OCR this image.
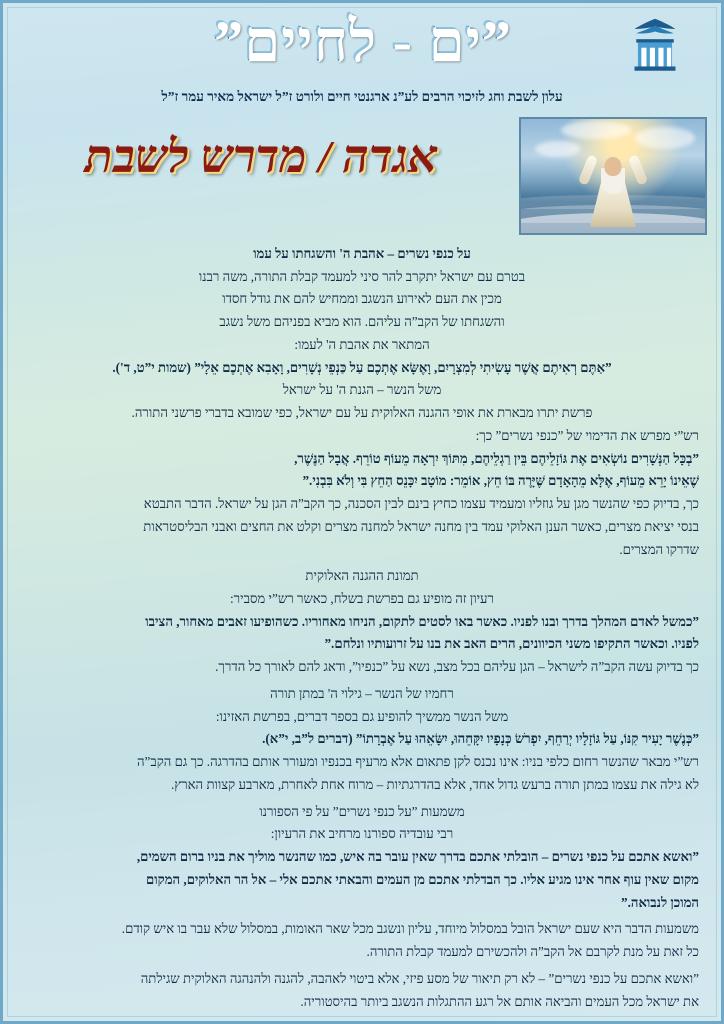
”ים - לחיים”
עלון לשבת וחג לזיכוי הרבים לע”נ ארגנטי חיים ולורט ז”ל ישראל מאיר עמר ז”ל
אגדה / מדרש לשבת

על כנפי נשרים – אהבת ה' והשגחתו על עמו

בטרם עם ישראל יתקרב להר סיני למעמד קבלת התורה, משה רבנו

מכין את העם לאירוע הנשגב וממחיש להם את גודל חסדו

והשגחתו של הקב”ה עליהם. הוא מביא בפניהם משל נשגב

המתאר את אהבת ה' לעמו:

”אַתֶּם רְאִיתֶם אֲשֶׁר עָשִׂיתִי לְמִצְרָיִם, וָאֶשָּׂא אֶתְכֶם עַל כַּנְפֵי נְשָׁרִים, וָאָבִא אֶתְכֶם אֵלָי” (שמות י”ט, ד').

משל הנשר – הגנת ה' על ישראל

פרשת יתרו מבארת את אופי ההגנה האלוקית על עם ישראל, כפי שמובא בדברי פרשני התורה.

רש”י מפרש את הדימוי של ”כנפי נשרים” כך:

”בְכָּל הַנְּשָׁרִים נוֹשְׂאִים אֶת גּוֹזָלֵיהֶם בֵּין רַגְלֵיהֶם, מִתּוֹךְ יִרְאָה מֵעוֹף טוֹרֵף. אֲבָל הַנֶּשֶׁר,

שֶׁאֵינוֹ יָרֵא מֵעוֹף, אֶלָּא מֵהָאָדָם שֶּׁיָּרֶה בּוֹ חֵץ, אוֹמֵר: מוֹטָב יִכָּנֵס הַחֵץ בִּי וְלֹא בִּבְנִי.”

כך, בדיוק כפי שהנשר מגן על גוזליו ומעמיד עצמו כחיץ בינם לבין הסכנה, כך הקב”ה הגן על ישראל. הדבר התבטא

בנסי יציאת מצרים, כאשר הענן האלוקי עמד בין מחנה ישראל למחנה מצרים וקלט את החצים ואבני הבליסטראות

שדרקו המצרים.

תמונת ההגנה האלוקית

רעיון זה מופיע גם בפרשת בשלח, כאשר רש”י מסביר:

”כמשל לאדם המהלך בדרך ובנו לפניו. כאשר באו לסטים לתקום, הניחו מאחוריו. כשהופיעו זאבים מאחור, הציבו

לפניו. וכאשר התקיפו משני הכיוונים, הרים האב את בנו על זרועותיו ונלחם.”

כך בדיוק עשה הקב”ה לישראל – הגן עליהם בכל מצב, נשא על ”כנפיו”, ודאג להם לאורך כל הדרך.

רחמיו של הנשר – גילוי ה' במתן תורה

משל הנשר ממשיך להופיע גם בספר דברים, בפרשת האזינו:

”כְּנֶשֶׁר יָעִיר קִנּוֹ, עַל גּוֹזָלָיו יְרַחֵף, יִפְרֹשׂ כְּנָפָיו יִקָּחֵהוּ, יִשָּׂאֵהוּ עַל אֶבְרָתוֹ” (דברים ל”ב, י”א).

רש”י מבאר שהנשר רחום כלפי בניו: אינו נכנס לקן פתאום אלא מרעיף בכנפיו ומעורר אותם בהדרגה. כך גם הקב”ה

לא גילה את עצמו במתן תורה ברעש גדול אחד, אלא בהדרגתיות – מרוח אחת לאחרת, מארבע קצוות הארץ.

משמעות ”על כנפי נשרים” על פי הספורנו

רבי עובדיה ספורנו מרחיב את הרעיון:

”ואשא אתכם על כנפי נשרים – הובלתי אתכם בדרך שאין עובר בה איש, כמו שהנשר מוליך את בניו ברום השמים,

מקום שאין עוף אחר אינו מגיע אליו. כך הבדלתי אתכם מן העמים והבאתי אתכם אלי – אל הר האלוקים, המקום

המוכן לנבואה.”

משמעות הדבר היא שעם ישראל הובל במסלול מיוחד, עליון ונשגב מכל שאר האומות, במסלול שלא עבר בו איש קודם.

כל זאת על מנת לקרבם אל הקב”ה ולהכשירם למעמד קבלת התורה.

”ואשא אתכם על כנפי נשרים” – לא רק תיאור של מסע פיזי, אלא ביטוי לאהבה, להגנה ולהנהגה האלוקית שגילתה

את ישראל מכל העמים והביאה אותם אל רגע ההתגלות הנשגב ביותר בהיסטוריה.
